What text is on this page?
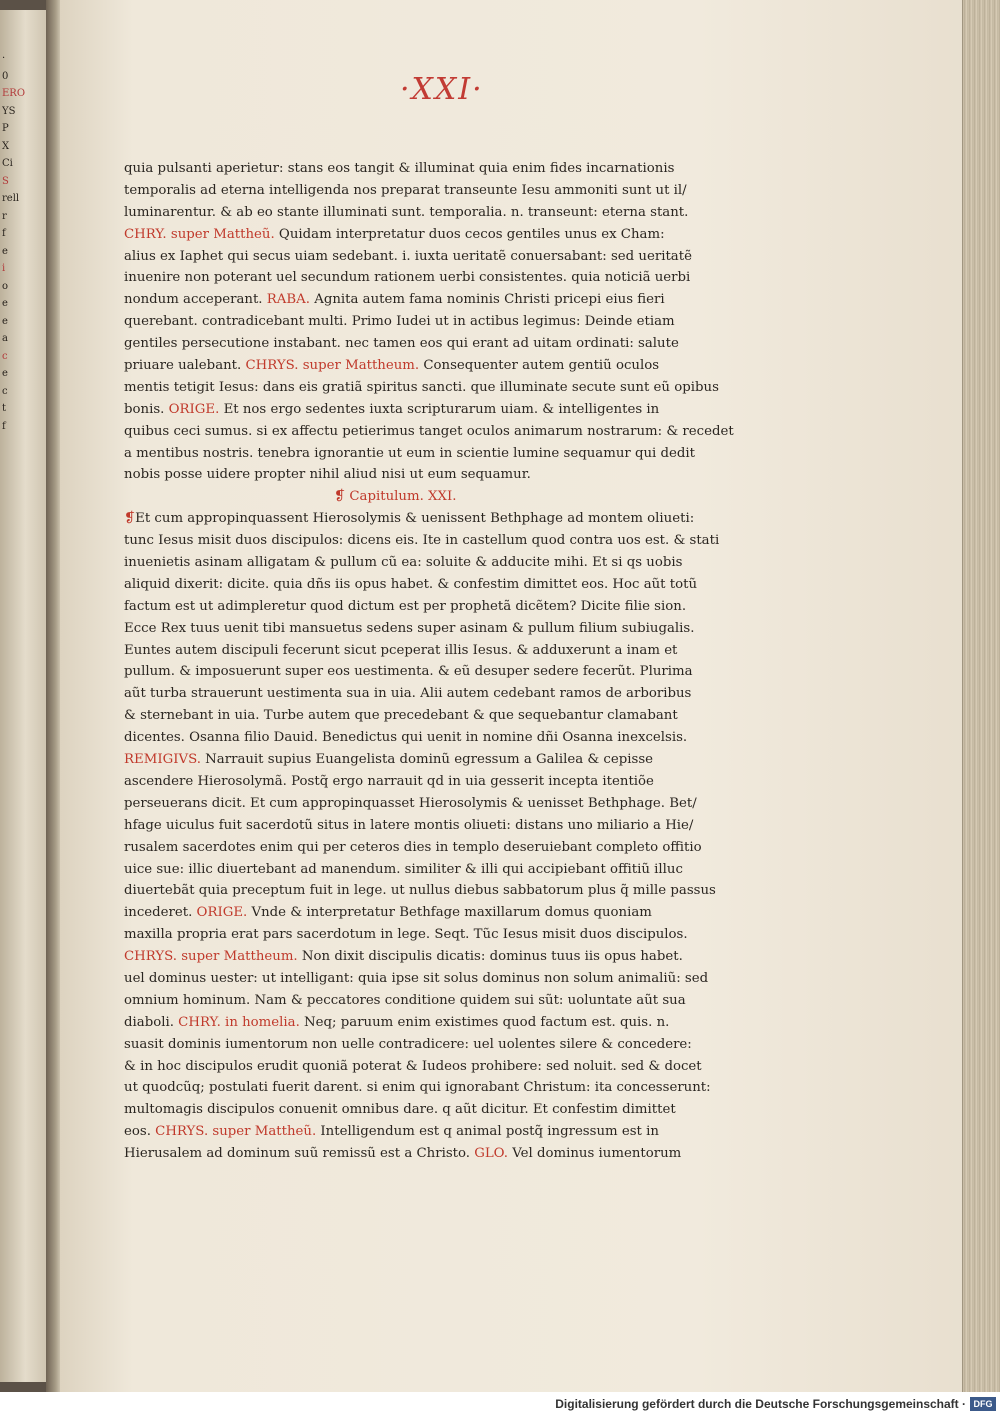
·
0
ERO
YS
P
X
Ci
S
rell
r
f
e
i
o
e
e
a
c
e
c
t
f
·XXI·
quia pulsanti aperietur: stans eos tangit & illuminat quia enim fides incarnationis
temporalis ad eterna intelligenda nos preparat transeunte Iesu ammoniti sunt ut il/
luminarentur. & ab eo stante illuminati sunt. temporalia. n. transeunt: eterna stant.
CHRY. super Mattheũ. Quidam interpretatur duos cecos gentiles unus ex Cham:
alius ex Iaphet qui secus uiam sedebant. i. iuxta ueritatẽ conuersabant: sed ueritatẽ
inuenire non poterant uel secundum rationem uerbi consistentes. quia noticiã uerbi
nondum acceperant. RABA. Agnita autem fama nominis Christi pricepi eius fieri
querebant. contradicebant multi. Primo Iudei ut in actibus legimus: Deinde etiam
gentiles persecutione instabant. nec tamen eos qui erant ad uitam ordinati: salute
priuare ualebant. CHRYS. super Mattheum. Consequenter autem gentiũ oculos
mentis tetigit Iesus: dans eis gratiã spiritus sancti. que illuminate secute sunt eũ opibus
bonis. ORIGE. Et nos ergo sedentes iuxta scripturarum uiam. & intelligentes in
quibus ceci sumus. si ex affectu petierimus tanget oculos animarum nostrarum: & recedet
a mentibus nostris. tenebra ignorantie ut eum in scientie lumine sequamur qui dedit
nobis posse uidere propter nihil aliud nisi ut eum sequamur.
❡ Capitulum. XXI.
❡Et cum appropinquassent Hierosolymis & uenissent Bethphage ad montem oliueti:
tunc Iesus misit duos discipulos: dicens eis. Ite in castellum quod contra uos est. & stati
inuenietis asinam alligatam & pullum cũ ea: soluite & adducite mihi. Et si qs uobis
aliquid dixerit: dicite. quia dñs iis opus habet. & confestim dimittet eos. Hoc aũt totũ
factum est ut adimpleretur quod dictum est per prophetã dicẽtem? Dicite filie sion.
Ecce Rex tuus uenit tibi mansuetus sedens super asinam & pullum filium subiugalis.
Euntes autem discipuli fecerunt sicut pceperat illis Iesus. & adduxerunt a inam et
pullum. & imposuerunt super eos uestimenta. & eũ desuper sedere fecerũt. Plurima
aũt turba strauerunt uestimenta sua in uia. Alii autem cedebant ramos de arboribus
& sternebant in uia. Turbe autem que precedebant & que sequebantur clamabant
dicentes. Osanna filio Dauid. Benedictus qui uenit in nomine dñi Osanna inexcelsis.
REMIGIVS. Narrauit supius Euangelista dominũ egressum a Galilea & cepisse
ascendere Hierosolymã. Postq̃ ergo narrauit qd in uia gesserit incepta itentiõe
perseuerans dicit. Et cum appropinquasset Hierosolymis & uenisset Bethphage. Bet/
hfage uiculus fuit sacerdotũ situs in latere montis oliueti: distans uno miliario a Hie/
rusalem sacerdotes enim qui per ceteros dies in templo deseruiebant completo offitio
uice sue: illic diuertebant ad manendum. similiter & illi qui accipiebant offitiũ illuc
diuertebãt quia preceptum fuit in lege. ut nullus diebus sabbatorum plus q̃ mille passus
incederet. ORIGE. Vnde & interpretatur Bethfage maxillarum domus quoniam
maxilla propria erat pars sacerdotum in lege. Seqt. Tũc Iesus misit duos discipulos.
CHRYS. super Mattheum. Non dixit discipulis dicatis: dominus tuus iis opus habet.
uel dominus uester: ut intelligant: quia ipse sit solus dominus non solum animaliũ: sed
omnium hominum. Nam & peccatores conditione quidem sui sũt: uoluntate aũt sua
diaboli. CHRY. in homelia. Neq; paruum enim existimes quod factum est. quis. n.
suasit dominis iumentorum non uelle contradicere: uel uolentes silere & concedere:
& in hoc discipulos erudit quoniã poterat & Iudeos prohibere: sed noluit. sed & docet
ut quodcũq; postulati fuerit darent. si enim qui ignorabant Christum: ita concesserunt:
multomagis discipulos conuenit omnibus dare. q aũt dicitur. Et confestim dimittet
eos. CHRYS. super Mattheũ. Intelligendum est q animal postq̃ ingressum est in
Hierusalem ad dominum suũ remissũ est a Christo. GLO. Vel dominus iumentorum
Digitalisierung gefördert durch die Deutsche Forschungsgemeinschaft · DFG
